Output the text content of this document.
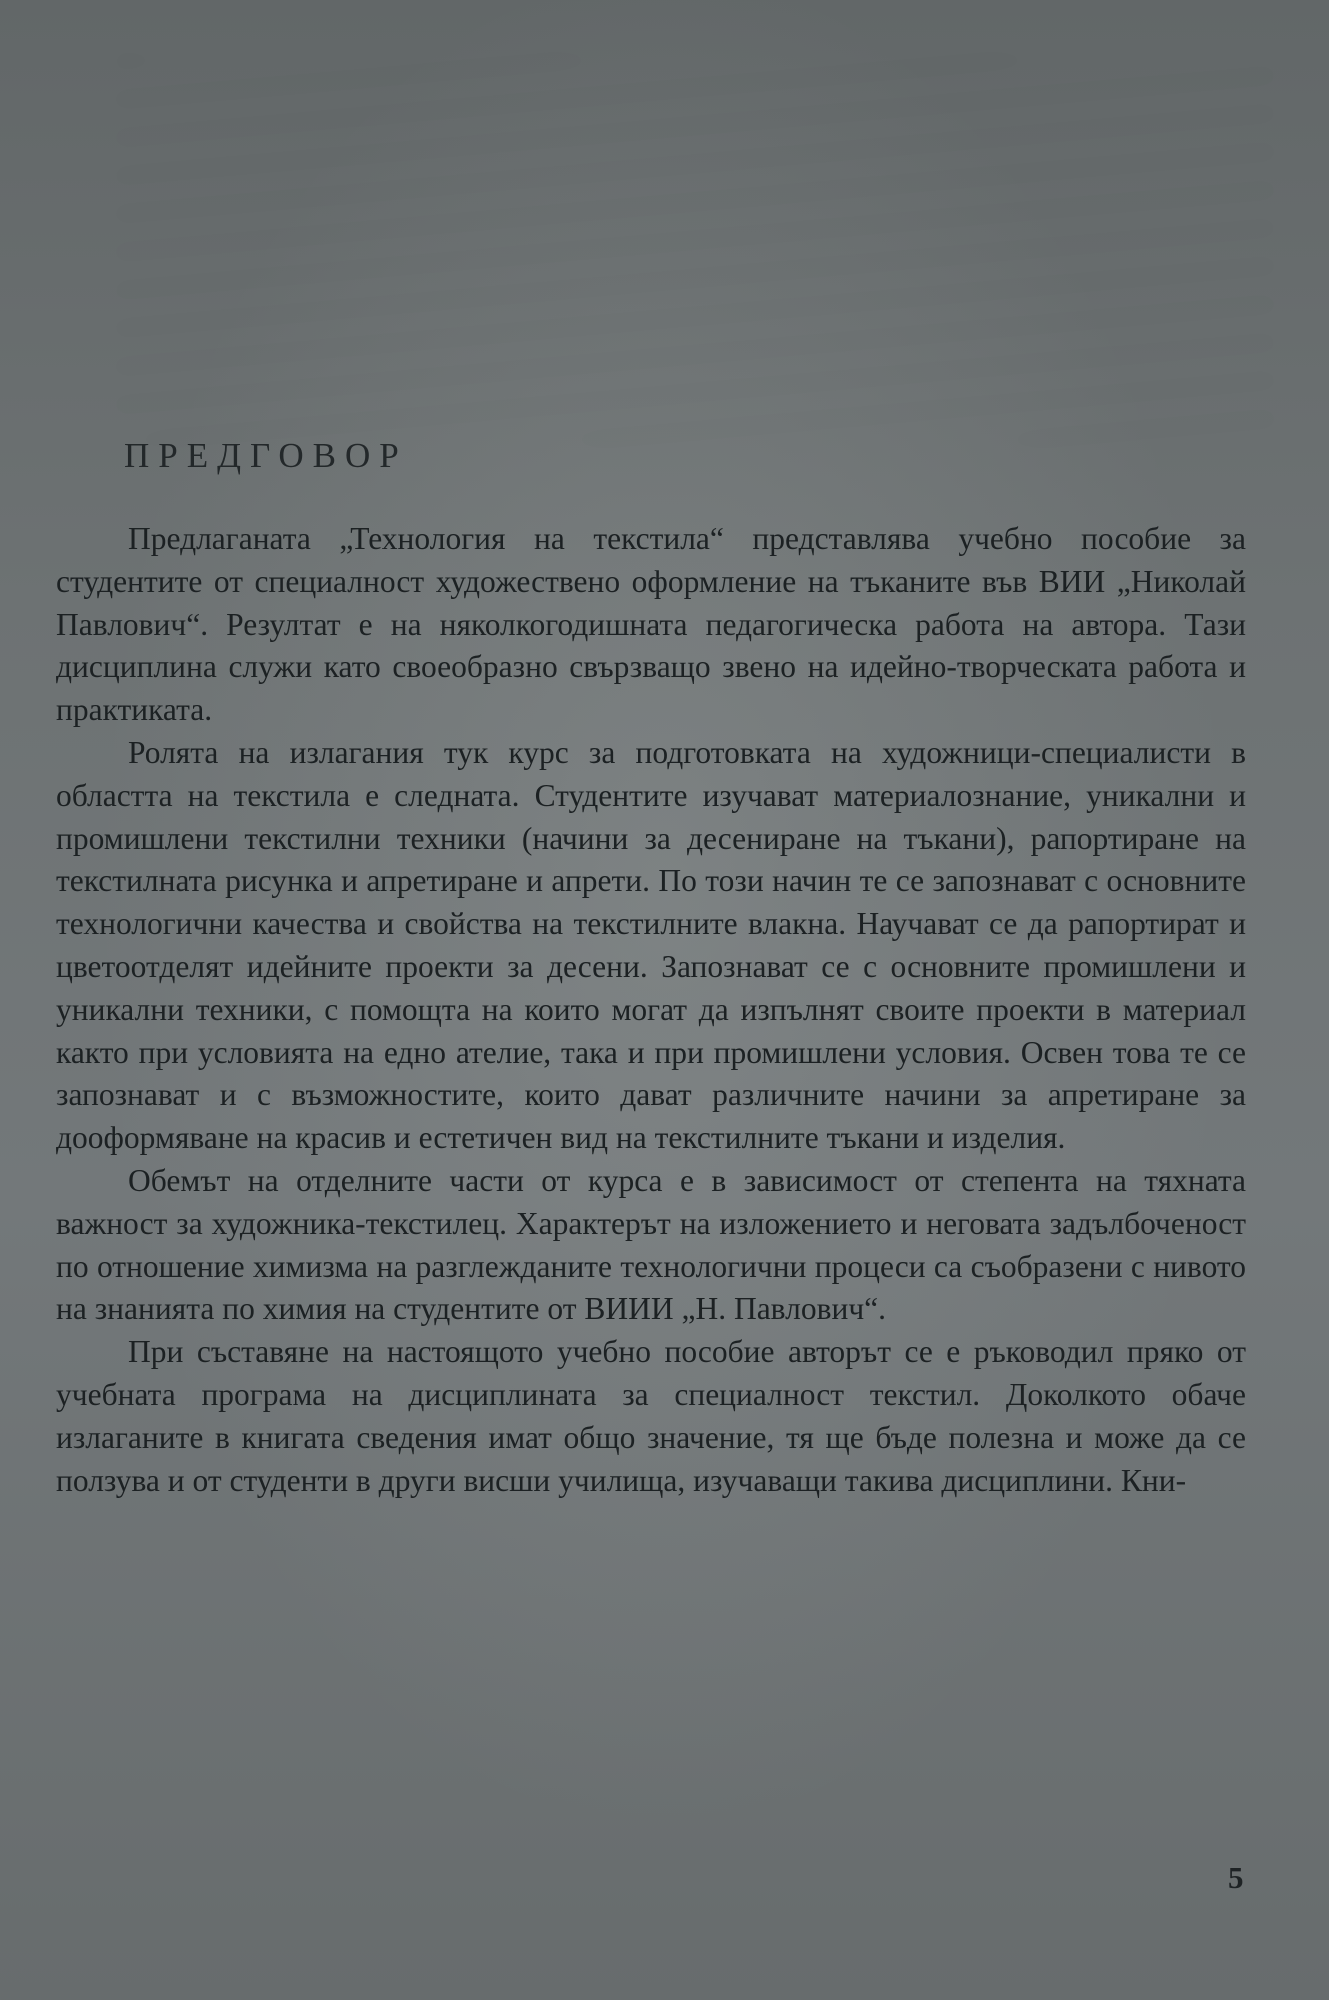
ПРЕДГОВОР

Предлаганата „Технология на текстила“ представлява учебно пособие за студентите от специалност художествено оформление на тъканите във ВИИ „Николай Павлович“. Резултат е на няколкогодишната педагогическа работа на автора. Тази дисциплина служи като своеобразно свързващо звено на идейно-творческата работа и практиката.

Ролята на излагания тук курс за подготовката на художници-специалисти в областта на текстила е следната. Студентите изучават материалознание, уникални и промишлени текстилни техники (начини за десениране на тъкани), рапортиране на текстилната рисунка и апретиране и апрети. По този начин те се запознават с основните технологични качества и свойства на текстилните влакна. Научават се да рапортират и цветоотделят идейните проекти за десени. Запознават се с основните промишлени и уникални техники, с помощта на които могат да изпълнят своите проекти в материал както при условията на едно ателие, така и при промишлени условия. Освен това те се запознават и с възможностите, които дават различните начини за апретиране за дооформяване на красив и естетичен вид на текстилните тъкани и изделия.

Обемът на отделните части от курса е в зависимост от степента на тяхната важност за художника-текстилец. Характерът на изложението и неговата задълбоченост по отношение химизма на разглежданите технологични процеси са съобразени с нивото на знанията по химия на студентите от ВИИИ „Н. Павлович“.

При съставяне на настоящото учебно пособие авторът се е ръководил пряко от учебната програма на дисциплината за специалност текстил. Доколкото обаче излаганите в книгата сведения имат общо значение, тя ще бъде полезна и може да се ползува и от студенти в други висши училища, изучаващи такива дисциплини. Кни-

5
